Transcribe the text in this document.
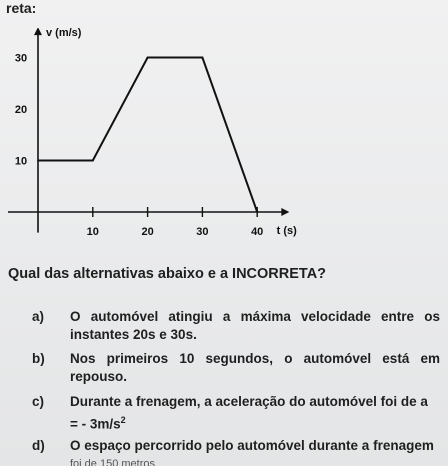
reta:
v (m/s)
t (s)
10	20	30	40
10
20
30
Qual das alternativas abaixo e a INCORRETA?
a)	O automóvel atingiu a máxima velocidade entre os instantes 20s e 30s.
b)	Nos primeiros 10 segundos, o automóvel está em repouso.
c)	Durante a frenagem, a aceleração do automóvel foi de a
= - $3m/s^2$
d)	O espaço percorrido pelo automóvel durante a frenagem
foi de 150 metros
